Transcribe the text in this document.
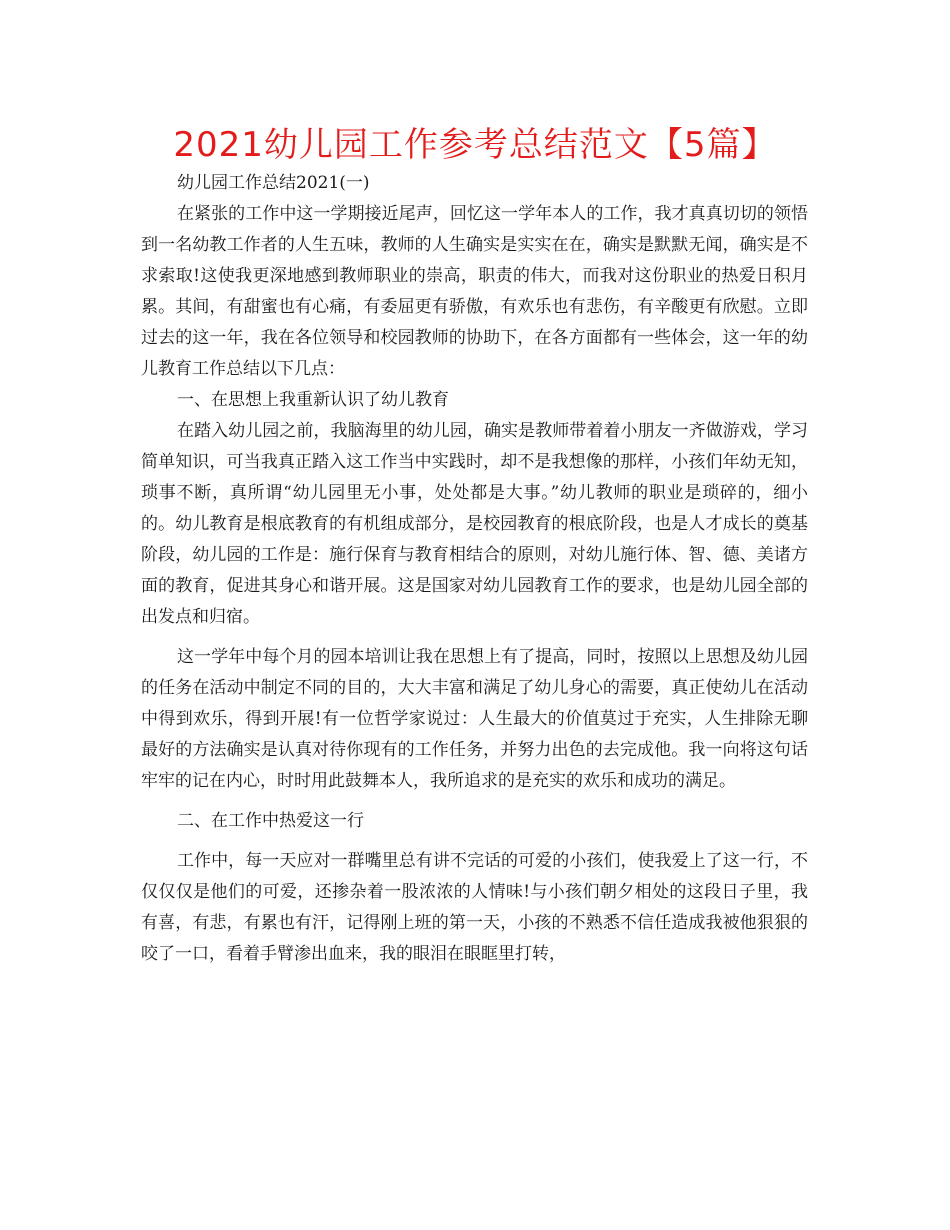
2021幼儿园工作参考总结范文【5篇】

幼儿园工作总结2021(一)

在紧张的工作中这一学期接近尾声，回忆这一学年本人的工作，我才真真切切的领悟到一名幼教工作者的人生五味，教师的人生确实是实实在在，确实是默默无闻，确实是不求索取!这使我更深地感到教师职业的崇高，职责的伟大，而我对这份职业的热爱日积月累。其间，有甜蜜也有心痛，有委屈更有骄傲，有欢乐也有悲伤，有辛酸更有欣慰。立即过去的这一年，我在各位领导和校园教师的协助下，在各方面都有一些体会，这一年的幼儿教育工作总结以下几点：

一、在思想上我重新认识了幼儿教育

在踏入幼儿园之前，我脑海里的幼儿园，确实是教师带着着小朋友一齐做游戏，学习简单知识，可当我真正踏入这工作当中实践时，却不是我想像的那样，小孩们年幼无知，琐事不断，真所谓“幼儿园里无小事，处处都是大事。”幼儿教师的职业是琐碎的，细小的。幼儿教育是根底教育的有机组成部分，是校园教育的根底阶段，也是人才成长的奠基阶段，幼儿园的工作是：施行保育与教育相结合的原则，对幼儿施行体、智、德、美诸方面的教育，促进其身心和谐开展。这是国家对幼儿园教育工作的要求，也是幼儿园全部的出发点和归宿。

这一学年中每个月的园本培训让我在思想上有了提高，同时，按照以上思想及幼儿园的任务在活动中制定不同的目的，大大丰富和满足了幼儿身心的需要，真正使幼儿在活动中得到欢乐，得到开展!有一位哲学家说过：人生最大的价值莫过于充实，人生排除无聊最好的方法确实是认真对待你现有的工作任务，并努力出色的去完成他。我一向将这句话牢牢的记在内心，时时用此鼓舞本人，我所追求的是充实的欢乐和成功的满足。

二、在工作中热爱这一行

工作中，每一天应对一群嘴里总有讲不完话的可爱的小孩们，使我爱上了这一行，不仅仅仅是他们的可爱，还掺杂着一股浓浓的人情味!与小孩们朝夕相处的这段日子里，我有喜，有悲，有累也有汗，记得刚上班的第一天，小孩的不熟悉不信任造成我被他狠狠的咬了一口，看着手臂渗出血来，我的眼泪在眼眶里打转，
